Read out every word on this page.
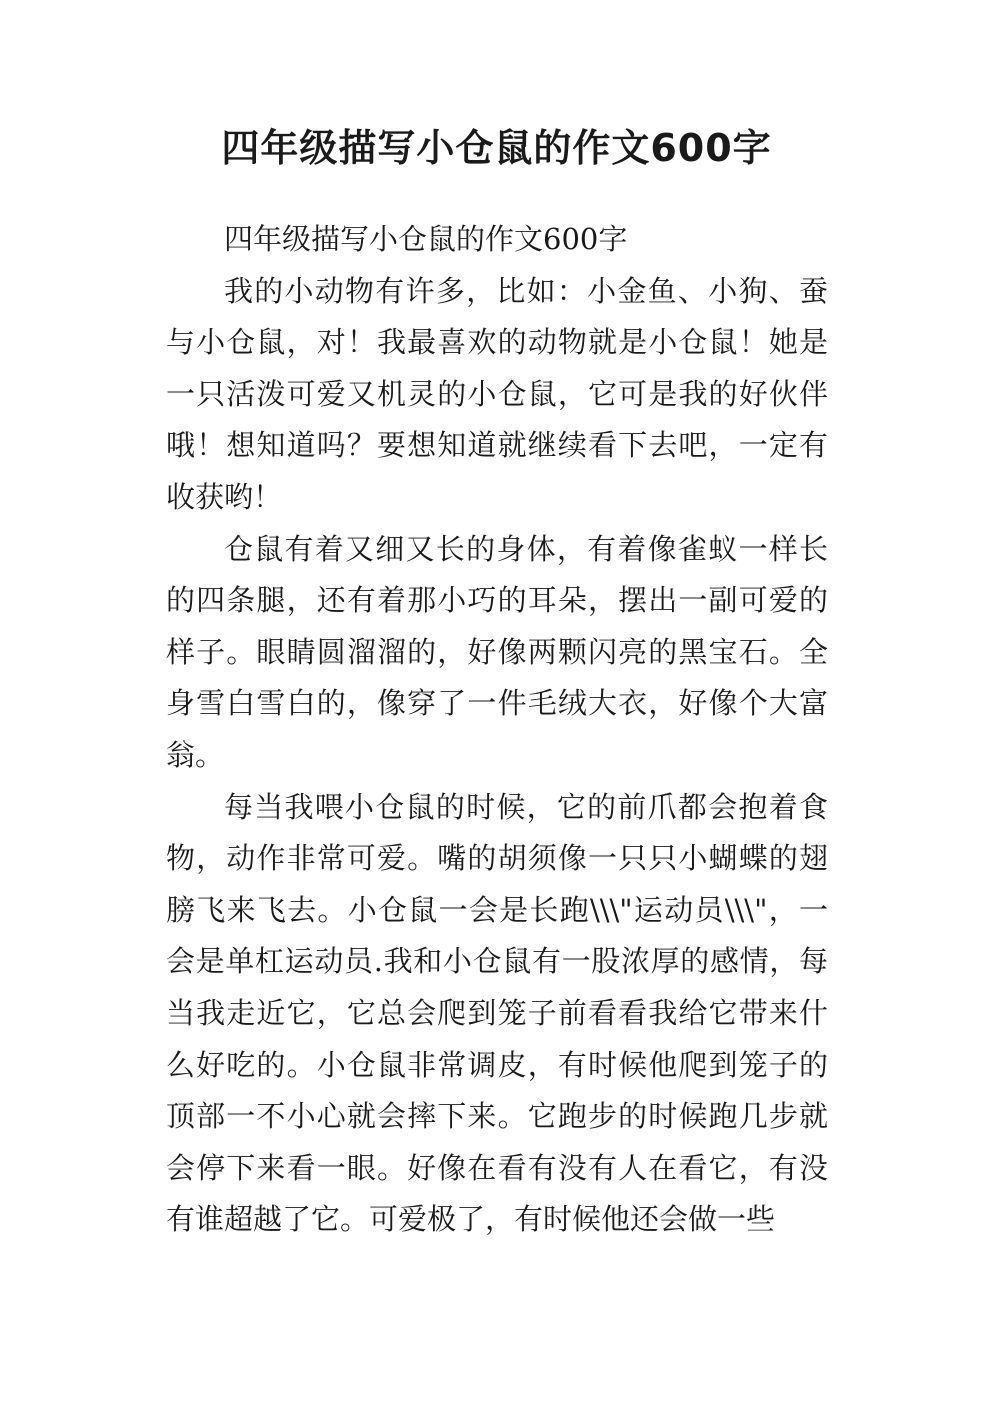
四年级描写小仓鼠的作文600字

四年级描写小仓鼠的作文600字

我的小动物有许多，比如：小金鱼、小狗、蚕与小仓鼠，对！我最喜欢的动物就是小仓鼠！她是一只活泼可爱又机灵的小仓鼠，它可是我的好伙伴哦！想知道吗？要想知道就继续看下去吧，一定有收获哟！

仓鼠有着又细又长的身体，有着像雀蚁一样长的四条腿，还有着那小巧的耳朵，摆出一副可爱的样子。眼睛圆溜溜的，好像两颗闪亮的黑宝石。全身雪白雪白的，像穿了一件毛绒大衣，好像个大富翁。

每当我喂小仓鼠的时候，它的前爪都会抱着食物，动作非常可爱。嘴的胡须像一只只小蝴蝶的翅膀飞来飞去。小仓鼠一会是长跑\\\"运动员\\\"，一会是单杠运动员.我和小仓鼠有一股浓厚的感情，每当我走近它，它总会爬到笼子前看看我给它带来什么好吃的。小仓鼠非常调皮，有时候他爬到笼子的顶部一不小心就会摔下来。它跑步的时候跑几步就会停下来看一眼。好像在看有没有人在看它，有没有谁超越了它。可爱极了，有时候他还会做一些
